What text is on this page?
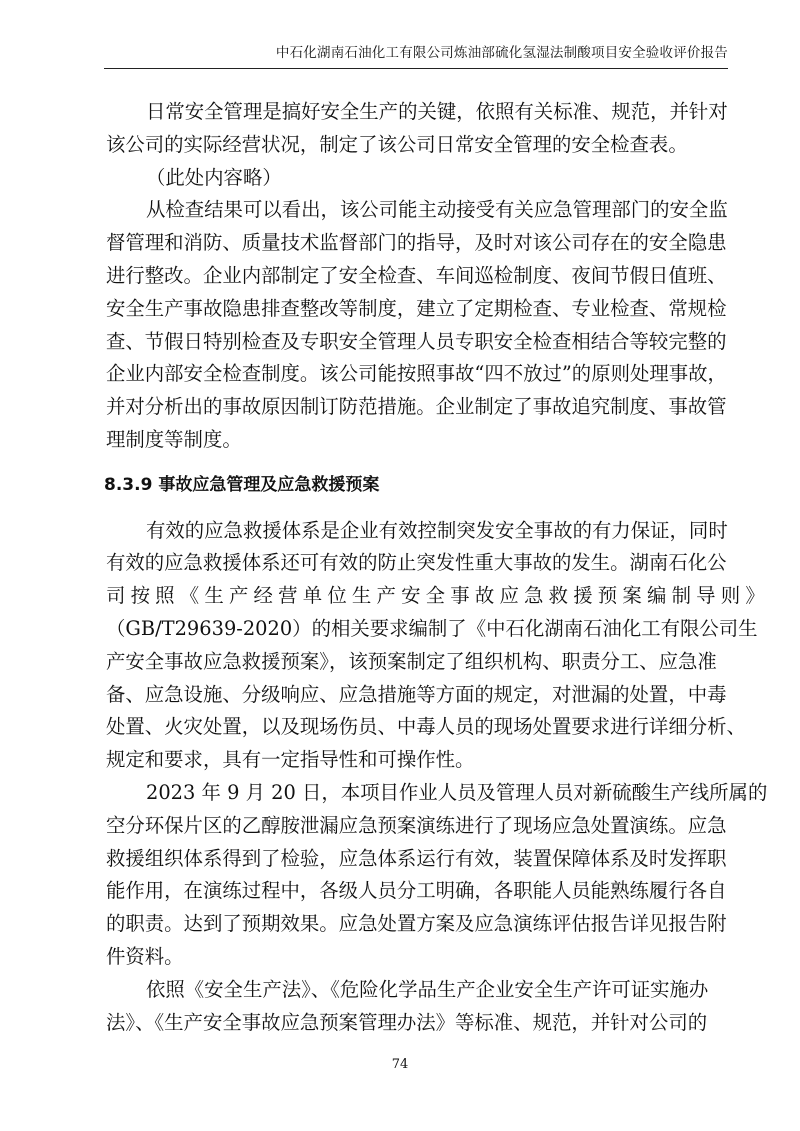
中石化湖南石油化工有限公司炼油部硫化氢湿法制酸项目安全验收评价报告
日常安全管理是搞好安全生产的关键，依照有关标准、规范，并针对
该公司的实际经营状况，制定了该公司日常安全管理的安全检查表。
（此处内容略）
从检查结果可以看出，该公司能主动接受有关应急管理部门的安全监
督管理和消防、质量技术监督部门的指导，及时对该公司存在的安全隐患
进行整改。企业内部制定了安全检查、车间巡检制度、夜间节假日值班、
安全生产事故隐患排查整改等制度，建立了定期检查、专业检查、常规检
查、节假日特别检查及专职安全管理人员专职安全检查相结合等较完整的
企业内部安全检查制度。该公司能按照事故“四不放过”的原则处理事故，
并对分析出的事故原因制订防范措施。企业制定了事故追究制度、事故管
理制度等制度。
8.3.9 事故应急管理及应急救援预案
有效的应急救援体系是企业有效控制突发安全事故的有力保证，同时
有效的应急救援体系还可有效的防止突发性重大事故的发生。湖南石化公
司按照《生产经营单位生产安全事故应急救援预案编制导则》
（GB/T29639-2020）的相关要求编制了《中石化湖南石油化工有限公司生
产安全事故应急救援预案》，该预案制定了组织机构、职责分工、应急准
备、应急设施、分级响应、应急措施等方面的规定，对泄漏的处置，中毒
处置、火灾处置，以及现场伤员、中毒人员的现场处置要求进行详细分析、
规定和要求，具有一定指导性和可操作性。
2023 年 9 月 20 日，本项目作业人员及管理人员对新硫酸生产线所属的
空分环保片区的乙醇胺泄漏应急预案演练进行了现场应急处置演练。应急
救援组织体系得到了检验，应急体系运行有效，装置保障体系及时发挥职
能作用，在演练过程中，各级人员分工明确，各职能人员能熟练履行各自
的职责。达到了预期效果。应急处置方案及应急演练评估报告详见报告附
件资料。
依照《安全生产法》、《危险化学品生产企业安全生产许可证实施办
法》、《生产安全事故应急预案管理办法》等标准、规范，并针对公司的
74
